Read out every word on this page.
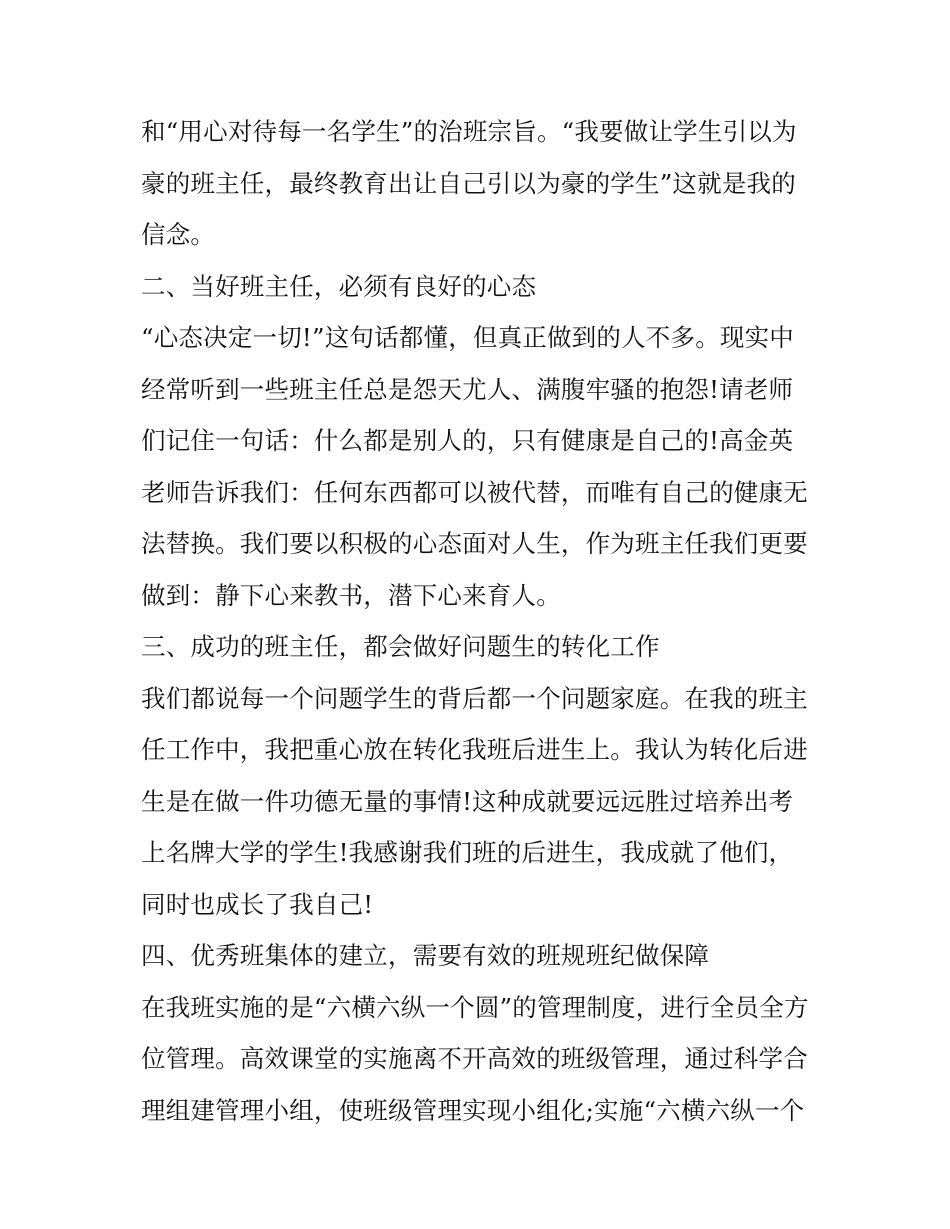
和“用心对待每一名学生”的治班宗旨。“我要做让学生引以为
豪的班主任，最终教育出让自己引以为豪的学生”这就是我的
信念。
二、当好班主任，必须有良好的心态
“心态决定一切!”这句话都懂，但真正做到的人不多。现实中
经常听到一些班主任总是怨天尤人、满腹牢骚的抱怨!请老师
们记住一句话：什么都是别人的，只有健康是自己的!高金英
老师告诉我们：任何东西都可以被代替，而唯有自己的健康无
法替换。我们要以积极的心态面对人生，作为班主任我们更要
做到：静下心来教书，潜下心来育人。
三、成功的班主任，都会做好问题生的转化工作
我们都说每一个问题学生的背后都一个问题家庭。在我的班主
任工作中，我把重心放在转化我班后进生上。我认为转化后进
生是在做一件功德无量的事情!这种成就要远远胜过培养出考
上名牌大学的学生!我感谢我们班的后进生，我成就了他们，
同时也成长了我自己!
四、优秀班集体的建立，需要有效的班规班纪做保障
在我班实施的是“六横六纵一个圆”的管理制度，进行全员全方
位管理。高效课堂的实施离不开高效的班级管理，通过科学合
理组建管理小组，使班级管理实现小组化;实施“六横六纵一个
